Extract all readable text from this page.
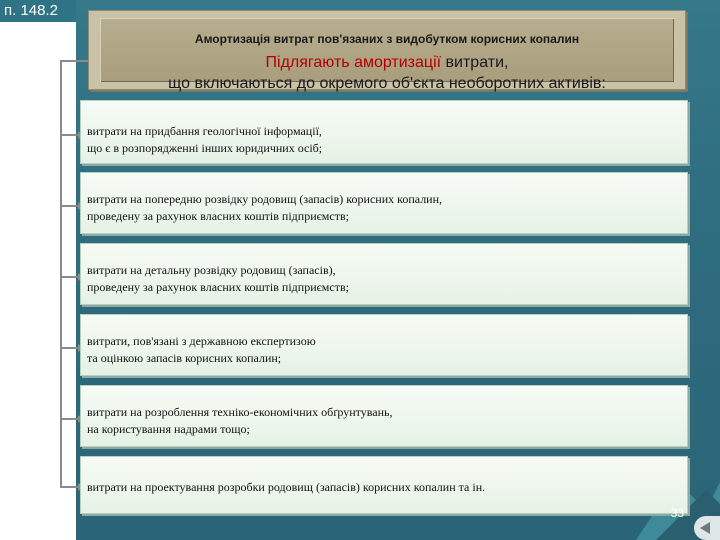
п. 148.2
Амортизація витрат пов'язаних з видобутком корисних копалин
Підлягають амортизації витрати,
що включаються до окремого об'єкта необоротних активів:
витрати на придбання геологічної інформації,
що є в розпорядженні інших юридичних осіб;
витрати на попередню розвідку родовищ (запасів) корисних копалин,
проведену за рахунок власних коштів підприємств;
витрати на детальну розвідку родовищ (запасів),
проведену за рахунок власних коштів підприємств;
витрати, пов'язані з державною експертизою
та оцінкою запасів корисних копалин;
витрати на розроблення техніко-економічних обґрунтувань,
на користування надрами тощо;
витрати на проектування розробки родовищ (запасів) корисних копалин та ін.
33
